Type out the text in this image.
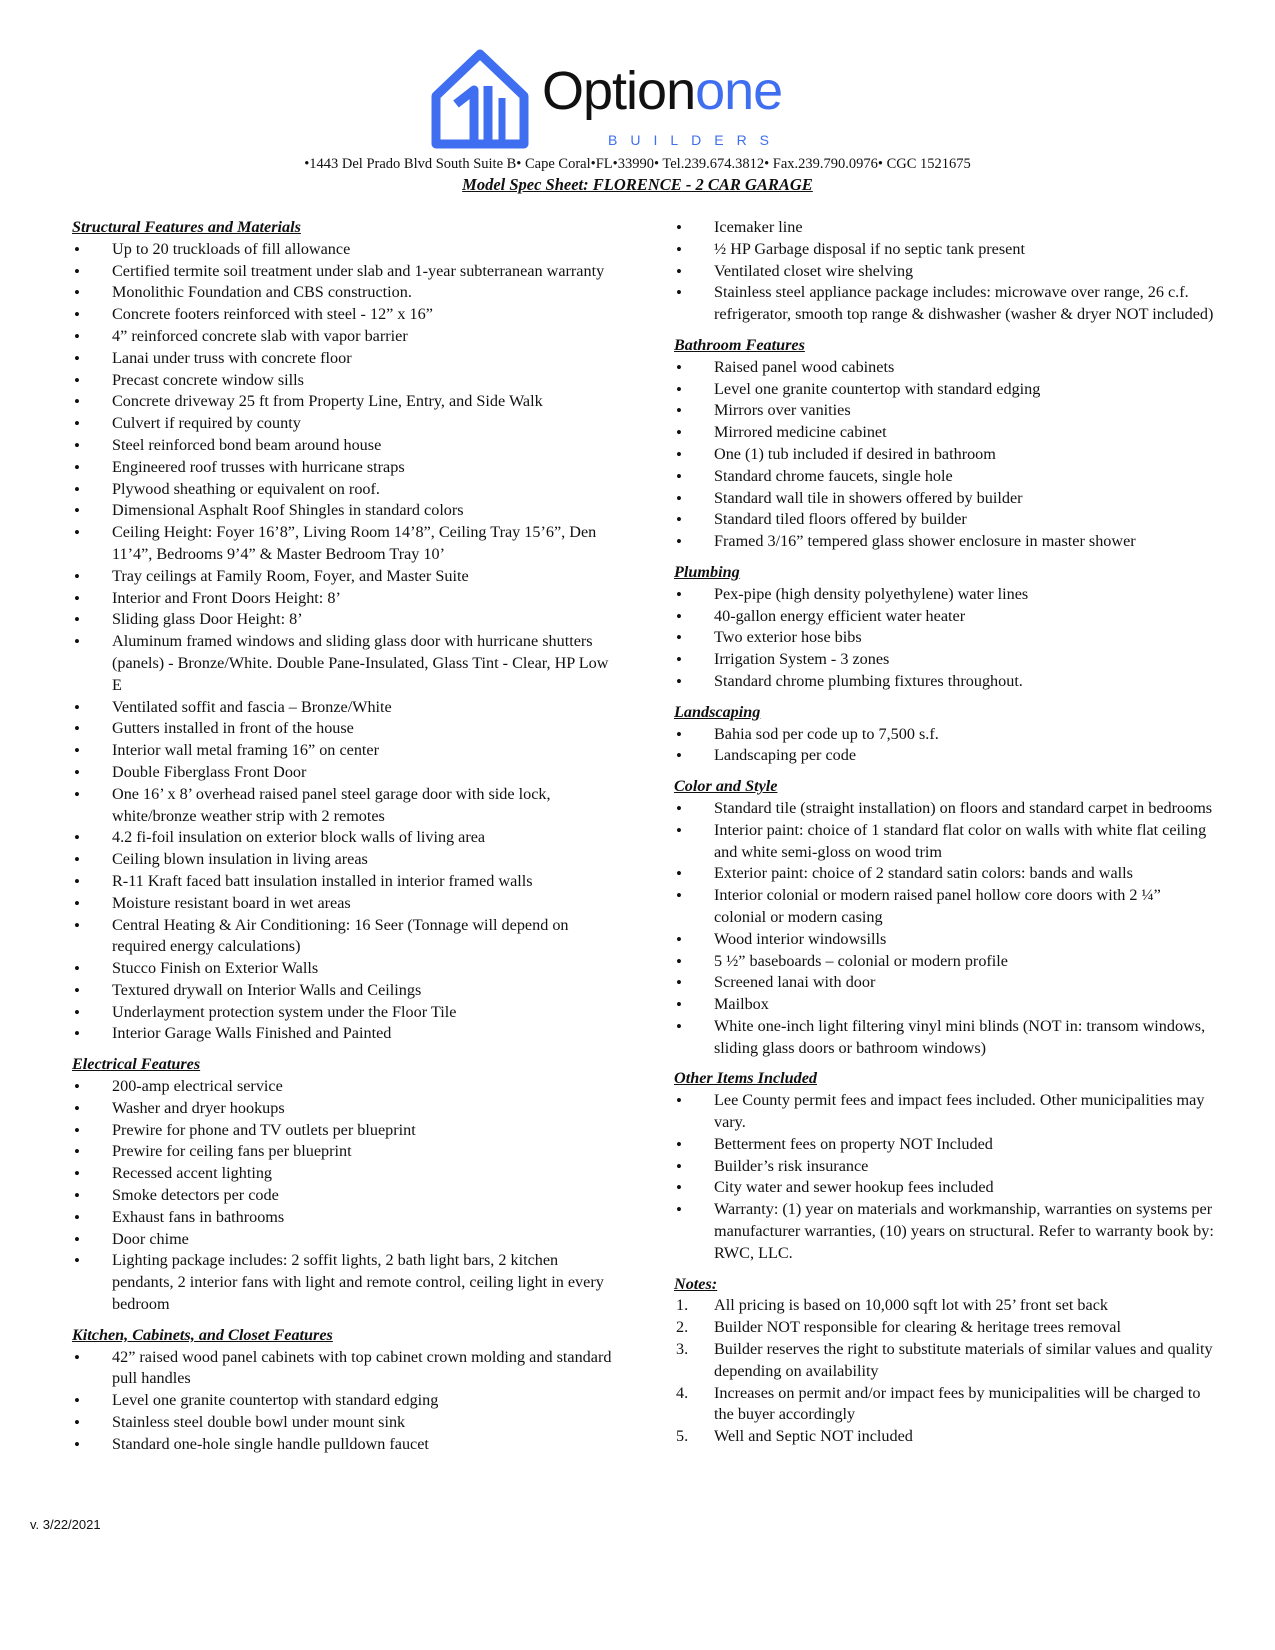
Optionone
BUILDERS
•1443 Del Prado Blvd South Suite B• Cape Coral•FL•33990• Tel.239.674.3812• Fax.239.790.0976• CGC 1521675
Model Spec Sheet: FLORENCE - 2 CAR GARAGE
Structural Features and Materials
• Up to 20 truckloads of fill allowance
• Certified termite soil treatment under slab and 1-year subterranean warranty
• Monolithic Foundation and CBS construction.
• Concrete footers reinforced with steel - 12” x 16”
• 4” reinforced concrete slab with vapor barrier
• Lanai under truss with concrete floor
• Precast concrete window sills
• Concrete driveway 25 ft from Property Line, Entry, and Side Walk
• Culvert if required by county
• Steel reinforced bond beam around house
• Engineered roof trusses with hurricane straps
• Plywood sheathing or equivalent on roof.
• Dimensional Asphalt Roof Shingles in standard colors
• Ceiling Height: Foyer 16’8”, Living Room 14’8”, Ceiling Tray 15’6”, Den 11’4”, Bedrooms 9’4” & Master Bedroom Tray 10’
• Tray ceilings at Family Room, Foyer, and Master Suite
• Interior and Front Doors Height: 8’
• Sliding glass Door Height: 8’
• Aluminum framed windows and sliding glass door with hurricane shutters (panels) - Bronze/White. Double Pane-Insulated, Glass Tint - Clear, HP Low E
• Ventilated soffit and fascia – Bronze/White
• Gutters installed in front of the house
• Interior wall metal framing 16” on center
• Double Fiberglass Front Door
• One 16’ x 8’ overhead raised panel steel garage door with side lock, white/bronze weather strip with 2 remotes
• 4.2 fi-foil insulation on exterior block walls of living area
• Ceiling blown insulation in living areas
• R-11 Kraft faced batt insulation installed in interior framed walls
• Moisture resistant board in wet areas
• Central Heating & Air Conditioning: 16 Seer (Tonnage will depend on required energy calculations)
• Stucco Finish on Exterior Walls
• Textured drywall on Interior Walls and Ceilings
• Underlayment protection system under the Floor Tile
• Interior Garage Walls Finished and Painted
Electrical Features
• 200-amp electrical service
• Washer and dryer hookups
• Prewire for phone and TV outlets per blueprint
• Prewire for ceiling fans per blueprint
• Recessed accent lighting
• Smoke detectors per code
• Exhaust fans in bathrooms
• Door chime
• Lighting package includes: 2 soffit lights, 2 bath light bars, 2 kitchen pendants, 2 interior fans with light and remote control, ceiling light in every bedroom
Kitchen, Cabinets, and Closet Features
• 42” raised wood panel cabinets with top cabinet crown molding and standard pull handles
• Level one granite countertop with standard edging
• Stainless steel double bowl under mount sink
• Standard one-hole single handle pulldown faucet
• Icemaker line
• ½ HP Garbage disposal if no septic tank present
• Ventilated closet wire shelving
• Stainless steel appliance package includes: microwave over range, 26 c.f. refrigerator, smooth top range & dishwasher (washer & dryer NOT included)
Bathroom Features
• Raised panel wood cabinets
• Level one granite countertop with standard edging
• Mirrors over vanities
• Mirrored medicine cabinet
• One (1) tub included if desired in bathroom
• Standard chrome faucets, single hole
• Standard wall tile in showers offered by builder
• Standard tiled floors offered by builder
• Framed 3/16” tempered glass shower enclosure in master shower
Plumbing
• Pex-pipe (high density polyethylene) water lines
• 40-gallon energy efficient water heater
• Two exterior hose bibs
• Irrigation System - 3 zones
• Standard chrome plumbing fixtures throughout.
Landscaping
• Bahia sod per code up to 7,500 s.f.
• Landscaping per code
Color and Style
• Standard tile (straight installation) on floors and standard carpet in bedrooms
• Interior paint: choice of 1 standard flat color on walls with white flat ceiling and white semi-gloss on wood trim
• Exterior paint: choice of 2 standard satin colors: bands and walls
• Interior colonial or modern raised panel hollow core doors with 2 ¼” colonial or modern casing
• Wood interior windowsills
• 5 ½” baseboards – colonial or modern profile
• Screened lanai with door
• Mailbox
• White one-inch light filtering vinyl mini blinds (NOT in: transom windows, sliding glass doors or bathroom windows)
Other Items Included
• Lee County permit fees and impact fees included. Other municipalities may vary.
• Betterment fees on property NOT Included
• Builder’s risk insurance
• City water and sewer hookup fees included
• Warranty: (1) year on materials and workmanship, warranties on systems per manufacturer warranties, (10) years on structural. Refer to warranty book by: RWC, LLC.
Notes:
All pricing is based on 10,000 sqft lot with 25’ front set back
Builder NOT responsible for clearing & heritage trees removal
Builder reserves the right to substitute materials of similar values and quality depending on availability
Increases on permit and/or impact fees by municipalities will be charged to the buyer accordingly
Well and Septic NOT included
v. 3/22/2021
